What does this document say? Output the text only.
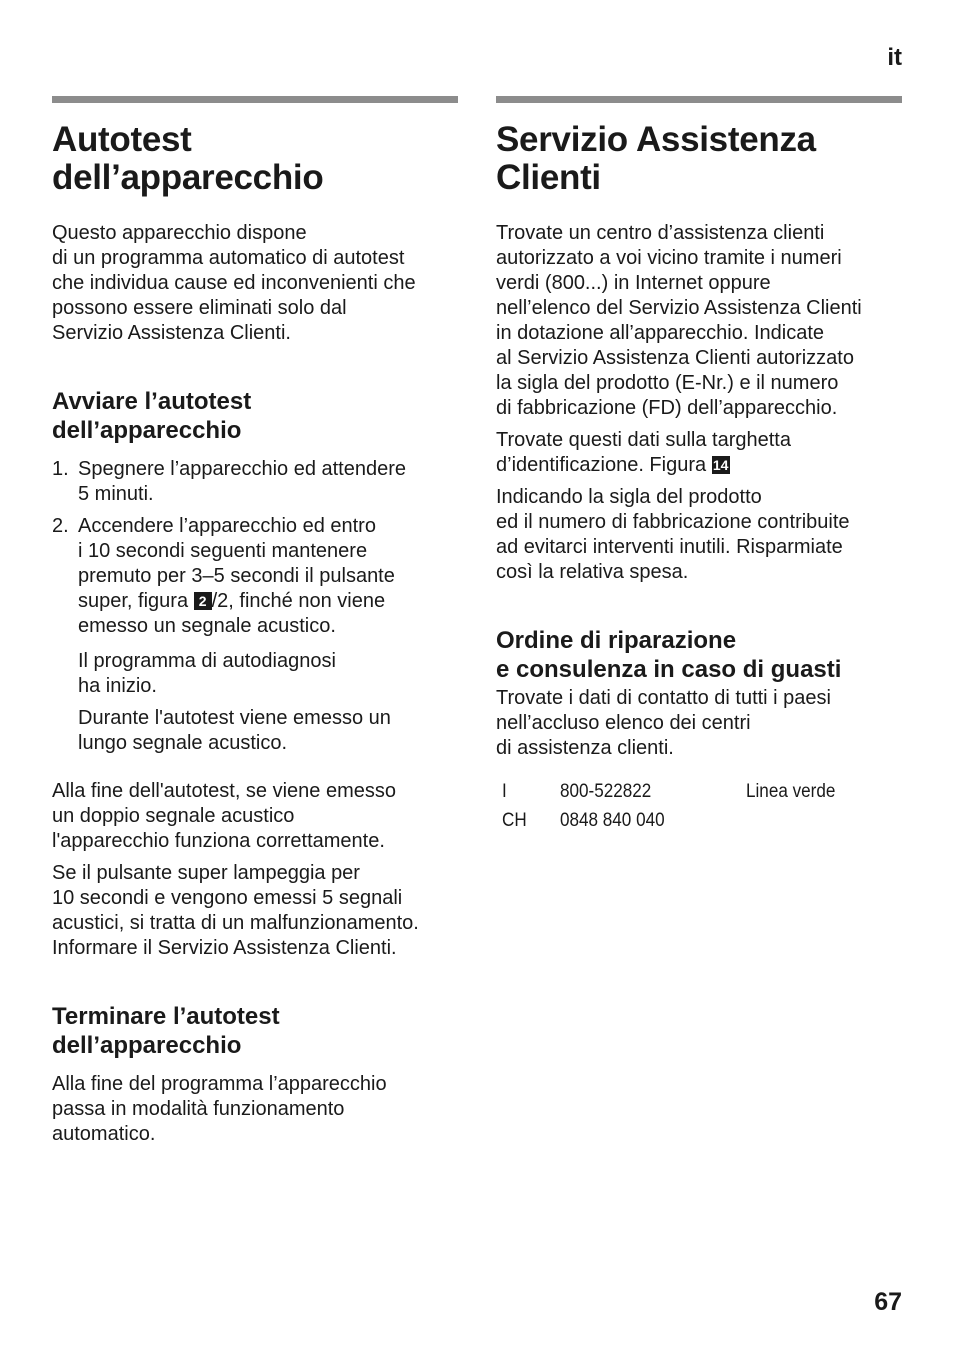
it
Autotest
dell’apparecchio

Questo apparecchio dispone
di un programma automatico di autotest
che individua cause ed inconvenienti che
possono essere eliminati solo dal
Servizio Assistenza Clienti.

Avviare l’autotest
dell’apparecchio
1. Spegnere l’apparecchio ed attendere
5 minuti.
2. Accendere l’apparecchio ed entro
i 10 secondi seguenti mantenere
premuto per 3–5 secondi il pulsante
super, figura 2 /2, finché non viene
emesso un segnale acustico.
Il programma di autodiagnosi
ha inizio.
Durante l'autotest viene emesso un
lungo segnale acustico.

Alla fine dell'autotest, se viene emesso
un doppio segnale acustico
l'apparecchio funziona correttamente.

Se il pulsante super lampeggia per
10 secondi e vengono emessi 5 segnali
acustici, si tratta di un malfunzionamento.
Informare il Servizio Assistenza Clienti.

Terminare l’autotest
dell’apparecchio

Alla fine del programma l’apparecchio
passa in modalità funzionamento
automatico.

Servizio Assistenza
Clienti

Trovate un centro d’assistenza clienti
autorizzato a voi vicino tramite i numeri
verdi (800...) in Internet oppure
nell’elenco del Servizio Assistenza Clienti
in dotazione all’apparecchio. Indicate
al Servizio Assistenza Clienti autorizzato
la sigla del prodotto (E-Nr.) e il numero
di fabbricazione (FD) dell’apparecchio.

Trovate questi dati sulla targhetta
d’identificazione. Figura 14

Indicando la sigla del prodotto
ed il numero di fabbricazione contribuite
ad evitarci interventi inutili. Risparmiate
così la relativa spesa.

Ordine di riparazione
e consulenza in caso di guasti

Trovate i dati di contatto di tutti i paesi
nell’accluso elenco dei centri
di assistenza clienti.

I	800-522822	Linea verde
CH	0848 840 040	
67
